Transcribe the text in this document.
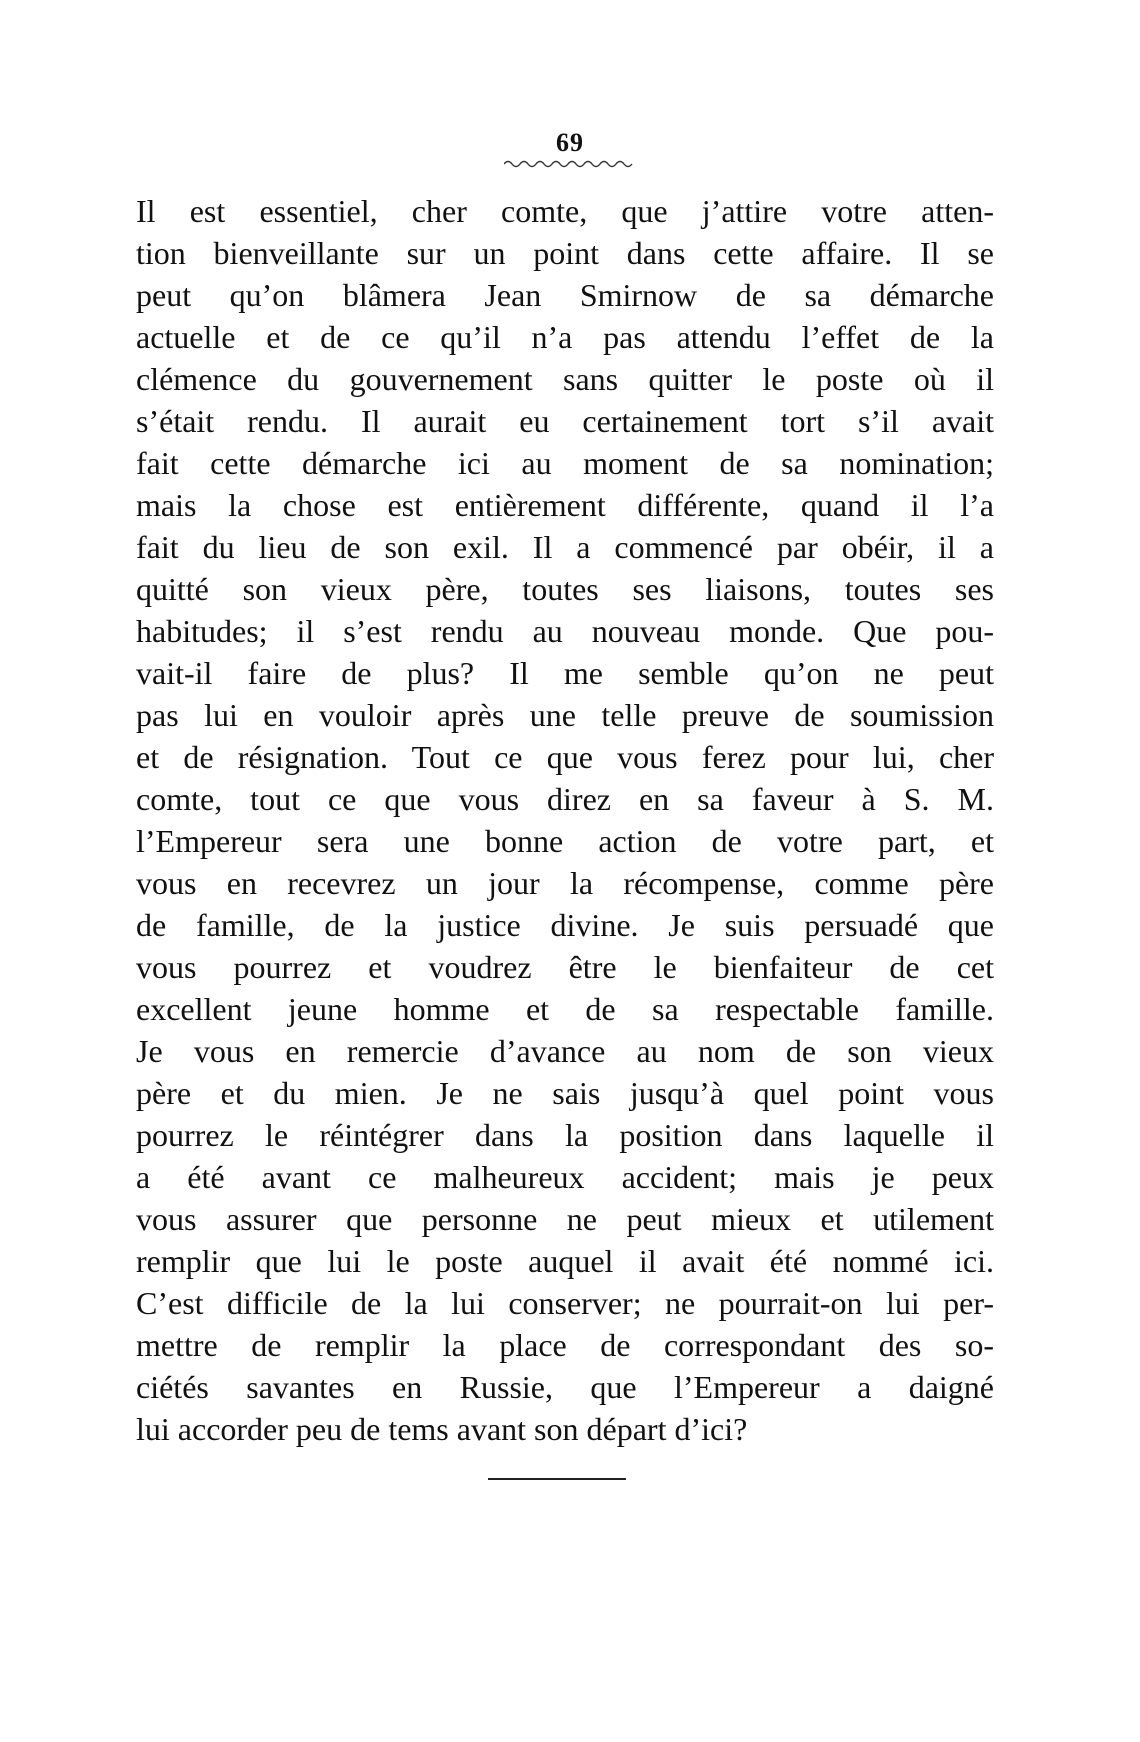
69
Il est essentiel, cher comte, que j’attire votre atten-
tion bienveillante sur un point dans cette affaire. Il se
peut qu’on blâmera Jean Smirnow de sa démarche
actuelle et de ce qu’il n’a pas attendu l’effet de la
clémence du gouvernement sans quitter le poste où il
s’était rendu. Il aurait eu certainement tort s’il avait
fait cette démarche ici au moment de sa nomination;
mais la chose est entièrement différente, quand il l’a
fait du lieu de son exil. Il a commencé par obéir, il a
quitté son vieux père, toutes ses liaisons, toutes ses
habitudes; il s’est rendu au nouveau monde. Que pou-
vait-il faire de plus? Il me semble qu’on ne peut
pas lui en vouloir après une telle preuve de soumission
et de résignation. Tout ce que vous ferez pour lui, cher
comte, tout ce que vous direz en sa faveur à S. M.
l’Empereur sera une bonne action de votre part, et
vous en recevrez un jour la récompense, comme père
de famille, de la justice divine. Je suis persuadé que
vous pourrez et voudrez être le bienfaiteur de cet
excellent jeune homme et de sa respectable famille.
Je vous en remercie d’avance au nom de son vieux
père et du mien. Je ne sais jusqu’à quel point vous
pourrez le réintégrer dans la position dans laquelle il
a été avant ce malheureux accident; mais je peux
vous assurer que personne ne peut mieux et utilement
remplir que lui le poste auquel il avait été nommé ici.
C’est difficile de la lui conserver; ne pourrait-on lui per-
mettre de remplir la place de correspondant des so-
ciétés savantes en Russie, que l’Empereur a daigné
lui accorder peu de tems avant son départ d’ici?
